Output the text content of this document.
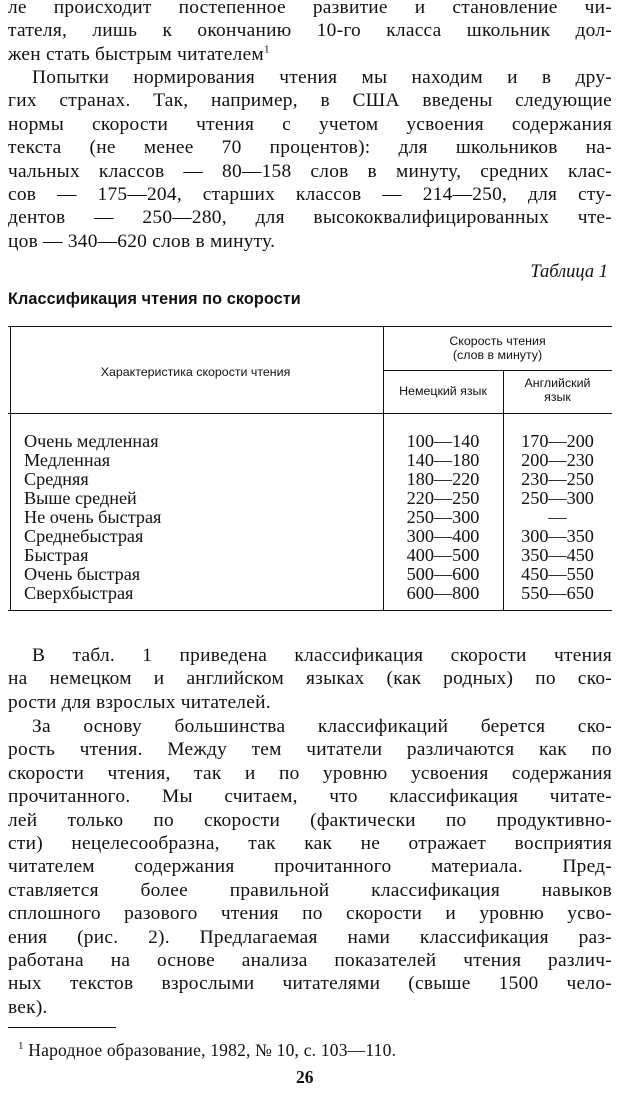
ле происходит постепенное развитие и становление чи-
тателя, лишь к окончанию 10-го класса школьник дол-
жен стать быстрым читателем$^1$
Попытки нормирования чтения мы находим и в дру-
гих странах. Так, например, в США введены следующие
нормы скорости чтения с учетом усвоения содержания
текста (не менее 70 процентов): для школьников на-
чальных классов — 80—158 слов в минуту, средних клас-
сов — 175—204, старших классов — 214—250, для сту-
дентов — 250—280, для высококвалифицированных чте-
цов — 340—620 слов в минуту.
Таблица 1
Классификация чтения по скорости
Характеристика скорости чтения
Скорость чтения
(слов в минуту)
Немецкий язык
Английский
язык
Очень медленная	100—140	170—200
Медленная	140—180	200—230
Средняя	180—220	230—250
Выше средней	220—250	250—300
Не очень быстрая	250—300	—
Среднебыстрая	300—400	300—350
Быстрая	400—500	350—450
Очень быстрая	500—600	450—550
Сверхбыстрая	600—800	550—650
В табл. 1 приведена классификация скорости чтения
на немецком и английском языках (как родных) по ско-
рости для взрослых читателей.
За основу большинства классификаций берется ско-
рость чтения. Между тем читатели различаются как по
скорости чтения, так и по уровню усвоения содержания
прочитанного. Мы считаем, что классификация читате-
лей только по скорости (фактически по продуктивно-
сти) нецелесообразна, так как не отражает восприятия
читателем содержания прочитанного материала. Пред-
ставляется более правильной классификация навыков
сплошного разового чтения по скорости и уровню усво-
ения (рис. 2). Предлагаемая нами классификация раз-
работана на основе анализа показателей чтения различ-
ных текстов взрослыми читателями (свыше 1500 чело-
век).
$^1$ Народное образование, 1982, № 10, с. 103—110.
26
